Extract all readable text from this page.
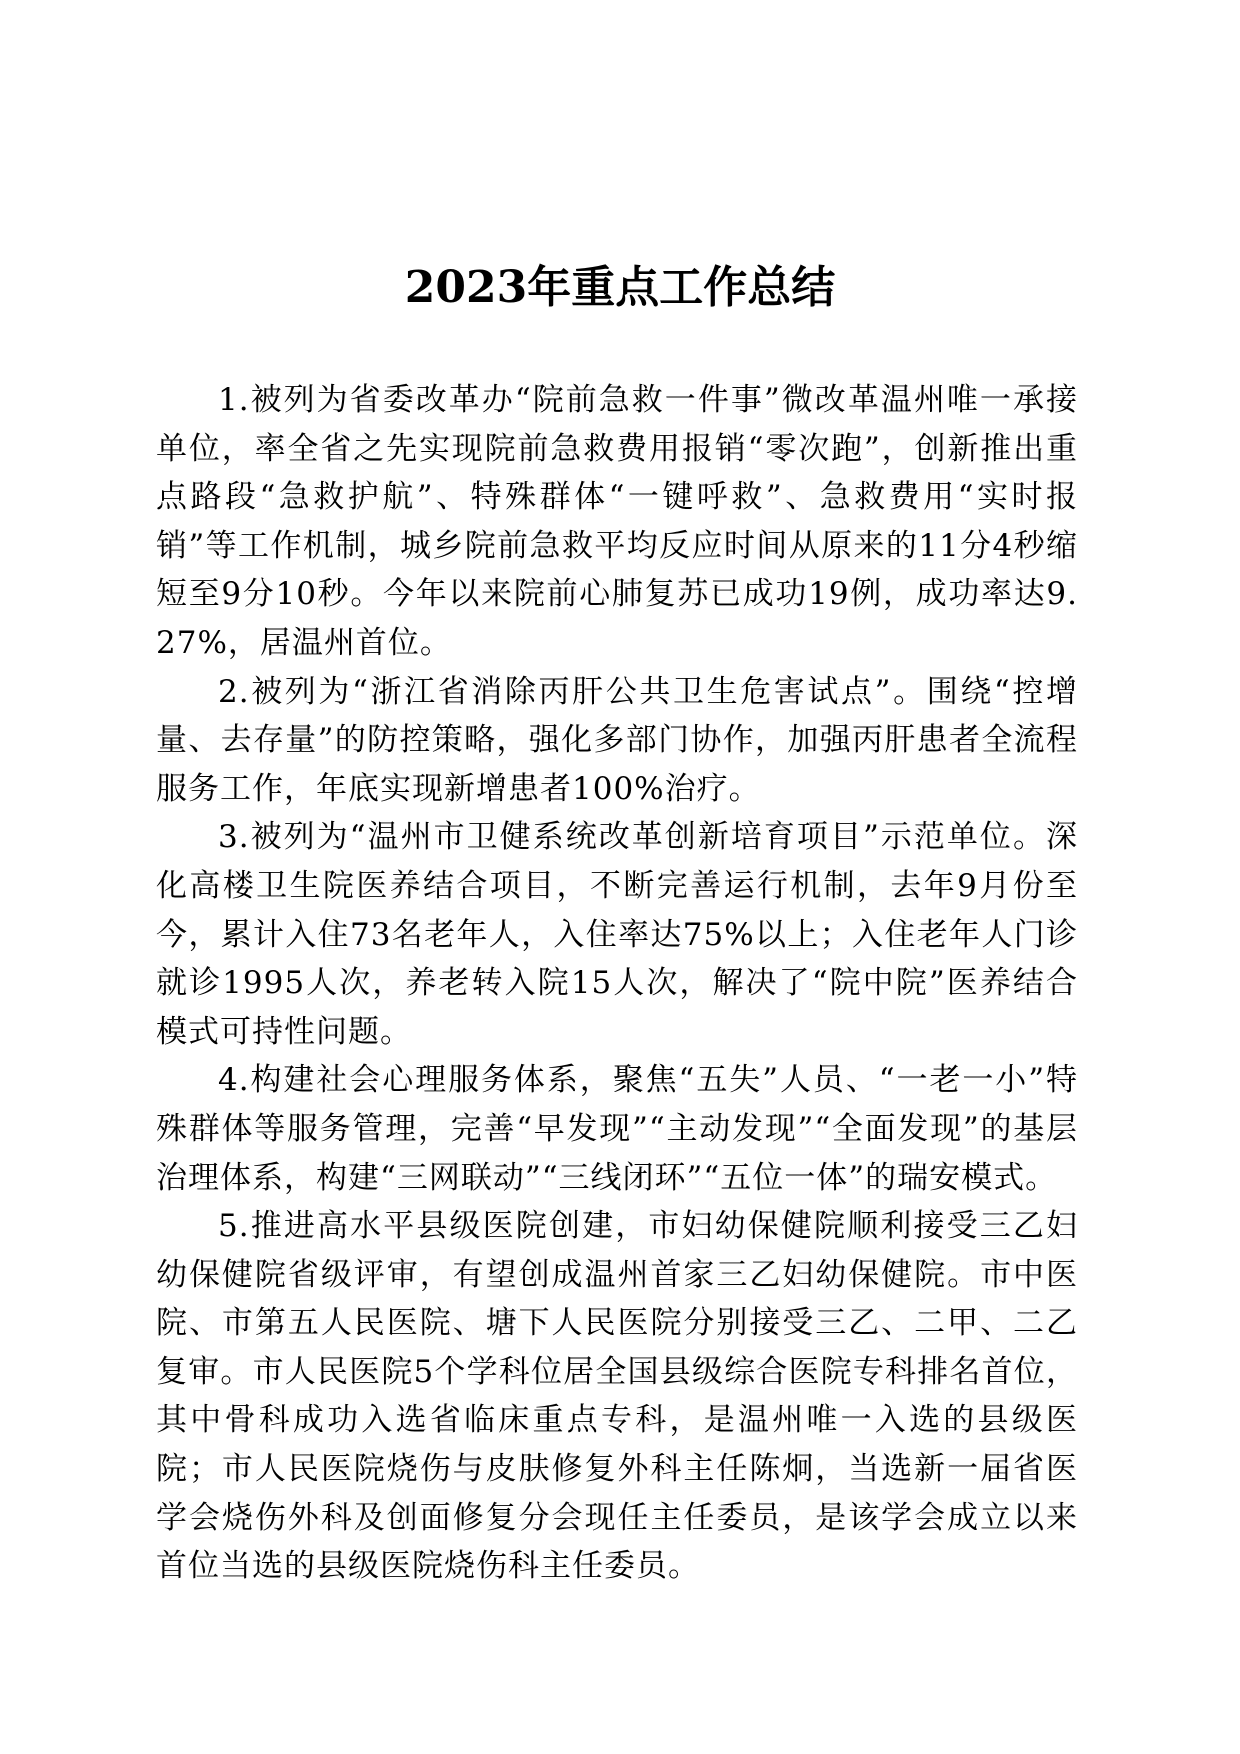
2023年重点工作总结

1.被列为省委改革办“院前急救一件事”微改革温州唯一承接单位，率全省之先实现院前急救费用报销“零次跑”，创新推出重点路段“急救护航”、特殊群体“一键呼救”、急救费用“实时报销”等工作机制，城乡院前急救平均反应时间从原来的11分4秒缩短至9分10秒。今年以来院前心肺复苏已成功19例，成功率达9.27%，居温州首位。

2.被列为“浙江省消除丙肝公共卫生危害试点”。围绕“控增量、去存量”的防控策略，强化多部门协作，加强丙肝患者全流程服务工作，年底实现新增患者100%治疗。

3.被列为“温州市卫健系统改革创新培育项目”示范单位。深化高楼卫生院医养结合项目，不断完善运行机制，去年9月份至今，累计入住73名老年人，入住率达75%以上；入住老年人门诊就诊1995人次，养老转入院15人次，解决了“院中院”医养结合模式可持性问题。

4.构建社会心理服务体系，聚焦“五失”人员、“一老一小”特殊群体等服务管理，完善“早发现”“主动发现”“全面发现”的基层治理体系，构建“三网联动”“三线闭环”“五位一体”的瑞安模式。

5.推进高水平县级医院创建，市妇幼保健院顺利接受三乙妇幼保健院省级评审，有望创成温州首家三乙妇幼保健院。市中医院、市第五人民医院、塘下人民医院分别接受三乙、二甲、二乙复审。市人民医院5个学科位居全国县级综合医院专科排名首位，其中骨科成功入选省临床重点专科，是温州唯一入选的县级医院；市人民医院烧伤与皮肤修复外科主任陈炯，当选新一届省医学会烧伤外科及创面修复分会现任主任委员，是该学会成立以来首位当选的县级医院烧伤科主任委员。
